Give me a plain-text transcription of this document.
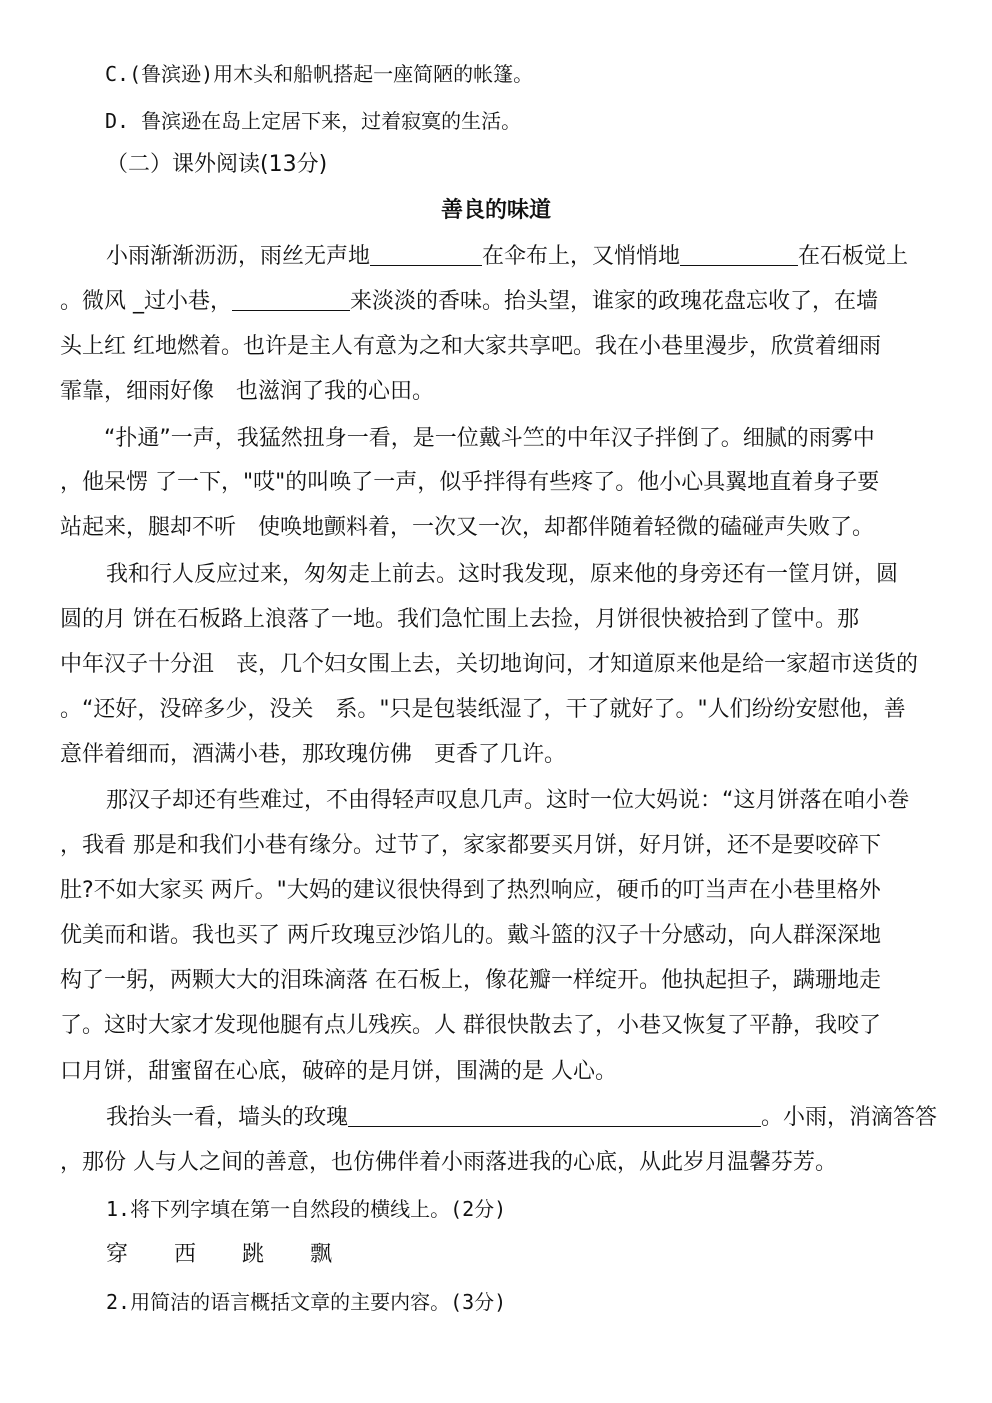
C.(鲁滨逊)用木头和船帆搭起一座简陋的帐篷。
D. 鲁滨逊在岛上定居下来，过着寂寞的生活。
（二）课外阅读(13分)
善良的味道
小雨渐渐沥沥，雨丝无声地	在伞布上，又悄悄地	在石板觉上
。微风 _过小巷，	来淡淡的香味。抬头望，谁家的政瑰花盘忘收了，在墙
头上红 红地燃着。也许是主人有意为之和大家共享吧。我在小巷里漫步，欣赏着细雨
霏靠，细雨好像　也滋润了我的心田。
“扑通”一声，我猛然扭身一看，是一位戴斗竺的中年汉子拌倒了。细腻的雨雾中
，他呆愣 了一下，"哎"的叫唤了一声，似乎拌得有些疼了。他小心具翼地直着身子要
站起来，腿却不听　使唤地颤料着，一次又一次，却都伴随着轻微的磕碰声失败了。
我和行人反应过来，匆匆走上前去。这时我发现，原来他的身旁还有一筐月饼，圆
圆的月 饼在石板路上浪落了一地。我们急忙围上去捡，月饼很快被拾到了筐中。那
中年汉子十分沮　丧，几个妇女围上去，关切地询问，才知道原来他是给一家超市送货的
。“还好，没碎多少，没关　系。"只是包装纸湿了，干了就好了。"人们纷纷安慰他，善
意伴着细而，酒满小巷，那玫瑰仿佛　更香了几许。
那汉子却还有些难过，不由得轻声叹息几声。这时一位大妈说：“这月饼落在咱小巻
，我看 那是和我们小巷有缘分。过节了，家家都要买月饼，好月饼，还不是要咬碎下
肚?不如大家买 两斤。"大妈的建议很快得到了热烈响应，硬币的叮当声在小巷里格外
优美而和谐。我也买了 两斤玫瑰豆沙馅儿的。戴斗篮的汉子十分感动，向人群深深地
构了一躬，两颗大大的泪珠滴落 在石板上，像花瓣一样绽开。他执起担子，蹒珊地走
了。这时大家才发现他腿有点儿残疾。人 群很快散去了，小巷又恢复了平静，我咬了
口月饼，甜蜜留在心底，破碎的是月饼，围满的是 人心。
我抬头一看，墙头的玫瑰	。小雨，消滴答答
，那份 人与人之间的善意，也仿佛伴着小雨落进我的心底，从此岁月温馨芬芳。
1.将下列字填在第一自然段的横线上。(2分)
穿 西 跳 飘
2.用简洁的语言概括文章的主要内容。(3分)
